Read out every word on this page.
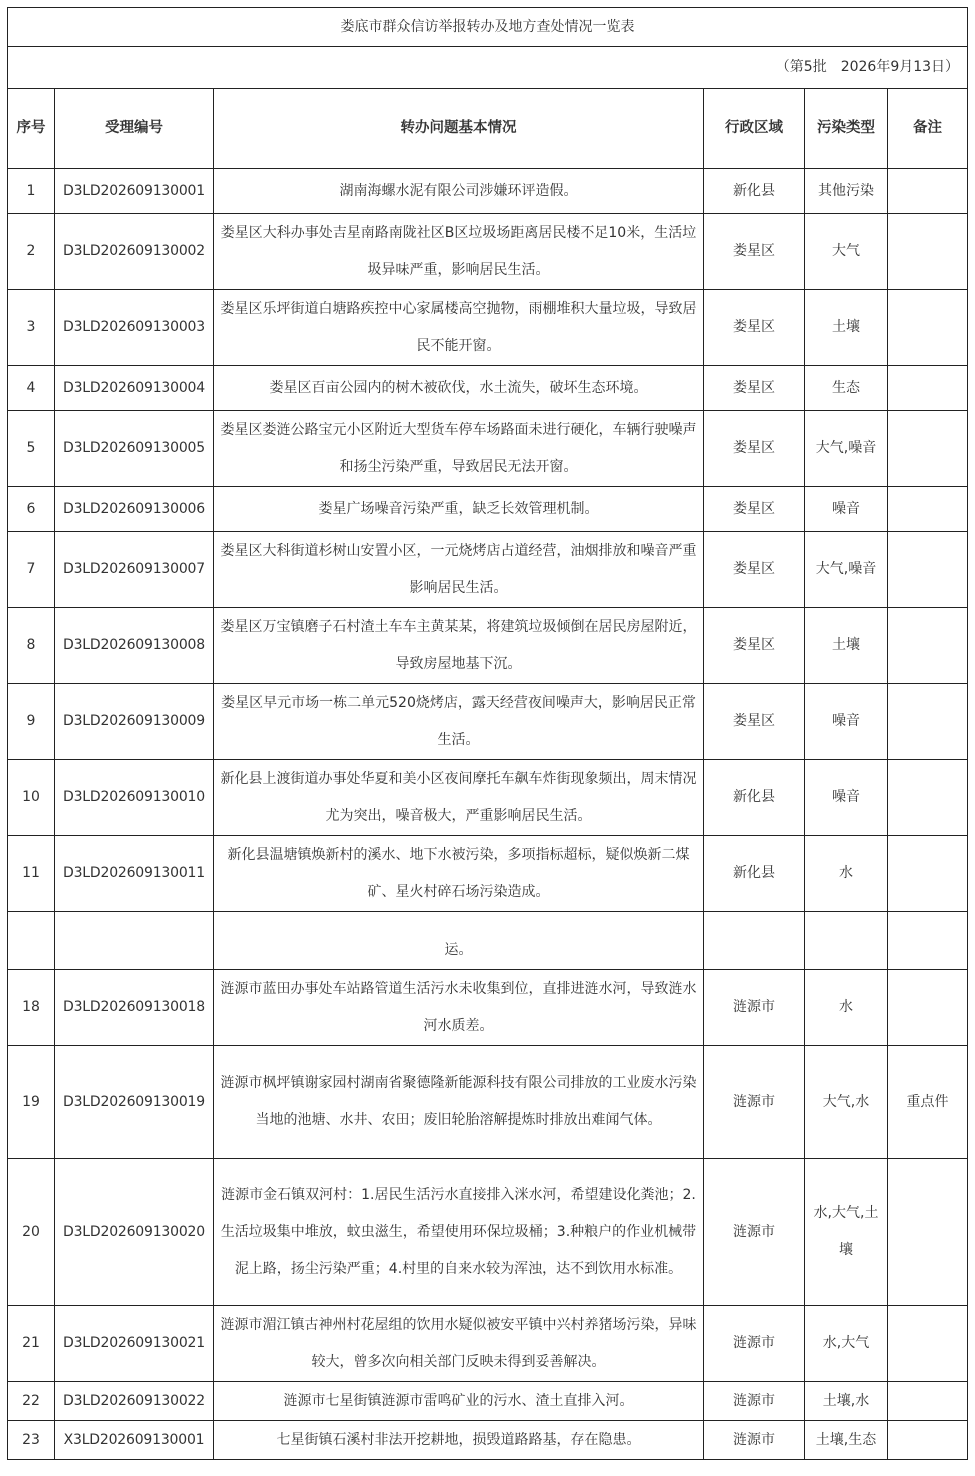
娄底市群众信访举报转办及地方查处情况一览表					
（第5批　2026年9月13日）					
序号	受理编号	转办问题基本情况	行政区域	污染类型	备注
1	D3LD202609130001	湖南海螺水泥有限公司涉嫌环评造假。	新化县	其他污染	
2	D3LD202609130002	娄星区大科办事处吉星南路南陇社区B区垃圾场距离居民楼不足10米，生活垃圾异味严重，影响居民生活。	娄星区	大气	
3	D3LD202609130003	娄星区乐坪街道白塘路疾控中心家属楼高空抛物，雨棚堆积大量垃圾，导致居民不能开窗。	娄星区	土壤	
4	D3LD202609130004	娄星区百亩公园内的树木被砍伐，水土流失，破坏生态环境。	娄星区	生态	
5	D3LD202609130005	娄星区娄涟公路宝元小区附近大型货车停车场路面未进行硬化，车辆行驶噪声和扬尘污染严重，导致居民无法开窗。	娄星区	大气,噪音	
6	D3LD202609130006	娄星广场噪音污染严重，缺乏长效管理机制。	娄星区	噪音	
7	D3LD202609130007	娄星区大科街道杉树山安置小区，一元烧烤店占道经营，油烟排放和噪音严重影响居民生活。	娄星区	大气,噪音	
8	D3LD202609130008	娄星区万宝镇磨子石村渣土车车主黄某某，将建筑垃圾倾倒在居民房屋附近，导致房屋地基下沉。	娄星区	土壤	
9	D3LD202609130009	娄星区早元市场一栋二单元520烧烤店，露天经营夜间噪声大，影响居民正常生活。	娄星区	噪音	
10	D3LD202609130010	新化县上渡街道办事处华夏和美小区夜间摩托车飙车炸街现象频出，周末情况尤为突出，噪音极大，严重影响居民生活。	新化县	噪音	
11	D3LD202609130011	新化县温塘镇焕新村的溪水、地下水被污染，多项指标超标，疑似焕新二煤矿、星火村碎石场污染造成。	新化县	水	
		运。			
18	D3LD202609130018	涟源市蓝田办事处车站路管道生活污水未收集到位，直排进涟水河，导致涟水河水质差。	涟源市	水	
19	D3LD202609130019	涟源市枫坪镇谢家园村湖南省聚德隆新能源科技有限公司排放的工业废水污染当地的池塘、水井、农田；废旧轮胎溶解提炼时排放出难闻气体。	涟源市	大气,水	重点件
20	D3LD202609130020	涟源市金石镇双河村：1.居民生活污水直接排入洣水河，希望建设化粪池；2.生活垃圾集中堆放，蚊虫滋生，希望使用环保垃圾桶；3.种粮户的作业机械带泥上路，扬尘污染严重；4.村里的自来水较为浑浊，达不到饮用水标准。	涟源市	水,大气,土壤	
21	D3LD202609130021	涟源市湄江镇古神州村花屋组的饮用水疑似被安平镇中兴村养猪场污染，异味较大，曾多次向相关部门反映未得到妥善解决。	涟源市	水,大气	
22	D3LD202609130022	涟源市七星街镇涟源市雷鸣矿业的污水、渣土直排入河。	涟源市	土壤,水	
23	X3LD202609130001	七星街镇石溪村非法开挖耕地，损毁道路路基，存在隐患。	涟源市	土壤,生态	
